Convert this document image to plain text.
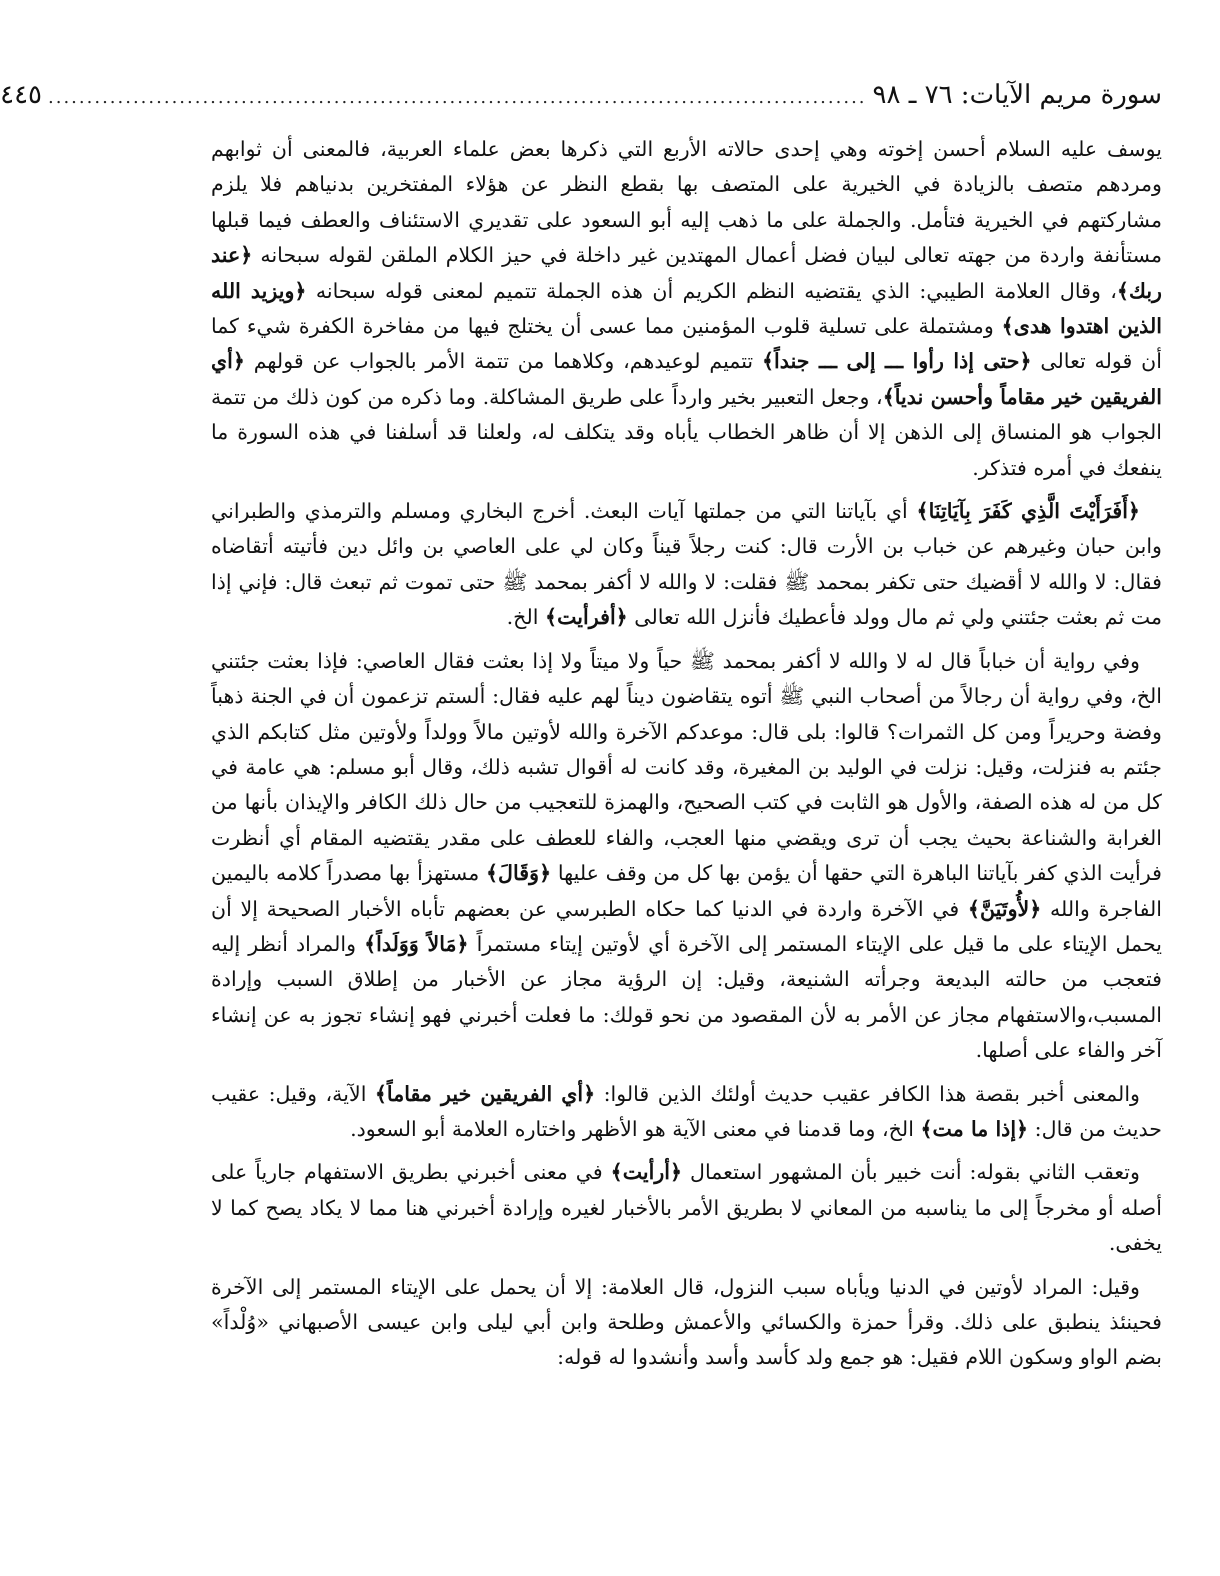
سورة مريم الآيات: ٧٦ ـ ٩٨
..........................................................................................................
٤٤٥

يوسف عليه السلام أحسن إخوته وهي إحدى حالاته الأربع التي ذكرها بعض علماء العربية، فالمعنى أن ثوابهم ومردهم متصف بالزيادة في الخيرية على المتصف بها بقطع النظر عن هؤلاء المفتخرين بدنياهم فلا يلزم مشاركتهم في الخيرية فتأمل. والجملة على ما ذهب إليه أبو السعود على تقديري الاستئناف والعطف فيما قبلها مستأنفة واردة من جهته تعالى لبيان فضل أعمال المهتدين غير داخلة في حيز الكلام الملقن لقوله سبحانه ﴿عند ربك﴾، وقال العلامة الطيبي: الذي يقتضيه النظم الكريم أن هذه الجملة تتميم لمعنى قوله سبحانه ﴿ويزيد الله الذين اهتدوا هدى﴾ ومشتملة على تسلية قلوب المؤمنين مما عسى أن يختلج فيها من مفاخرة الكفرة شيء كما أن قوله تعالى ﴿حتى إذا رأوا ـــ إلى ـــ جنداً﴾ تتميم لوعيدهم، وكلاهما من تتمة الأمر بالجواب عن قولهم ﴿أي الفريقين خير مقاماً وأحسن ندياً﴾، وجعل التعبير بخير وارداً على طريق المشاكلة. وما ذكره من كون ذلك من تتمة الجواب هو المنساق إلى الذهن إلا أن ظاهر الخطاب يأباه وقد يتكلف له، ولعلنا قد أسلفنا في هذه السورة ما ينفعك في أمره فتذكر.

﴿أَفَرَأَيْتَ الَّذِي كَفَرَ بِآيَاتِنَا﴾ أي بآياتنا التي من جملتها آيات البعث. أخرج البخاري ومسلم والترمذي والطبراني وابن حبان وغيرهم عن خباب بن الأرت قال: كنت رجلاً قيناً وكان لي على العاصي بن وائل دين فأتيته أتقاضاه فقال: لا والله لا أقضيك حتى تكفر بمحمد ﷺ فقلت: لا والله لا أكفر بمحمد ﷺ حتى تموت ثم تبعث قال: فإني إذا مت ثم بعثت جئتني ولي ثم مال وولد فأعطيك فأنزل الله تعالى ﴿أفرأيت﴾ الخ.

وفي رواية أن خباباً قال له لا والله لا أكفر بمحمد ﷺ حياً ولا ميتاً ولا إذا بعثت فقال العاصي: فإذا بعثت جئتني الخ، وفي رواية أن رجالاً من أصحاب النبي ﷺ أتوه يتقاضون ديناً لهم عليه فقال: ألستم تزعمون أن في الجنة ذهباً وفضة وحريراً ومن كل الثمرات؟ قالوا: بلى قال: موعدكم الآخرة والله لأوتين مالاً وولداً ولأوتين مثل كتابكم الذي جئتم به فنزلت، وقيل: نزلت في الوليد بن المغيرة، وقد كانت له أقوال تشبه ذلك، وقال أبو مسلم: هي عامة في كل من له هذه الصفة، والأول هو الثابت في كتب الصحيح، والهمزة للتعجيب من حال ذلك الكافر والإيذان بأنها من الغرابة والشناعة بحيث يجب أن ترى ويقضي منها العجب، والفاء للعطف على مقدر يقتضيه المقام أي أنظرت فرأيت الذي كفر بآياتنا الباهرة التي حقها أن يؤمن بها كل من وقف عليها ﴿وَقَالَ﴾ مستهزأ بها مصدراً كلامه باليمين الفاجرة والله ﴿لأُوتَيَنَّ﴾ في الآخرة واردة في الدنيا كما حكاه الطبرسي عن بعضهم تأباه الأخبار الصحيحة إلا أن يحمل الإيتاء على ما قيل على الإيتاء المستمر إلى الآخرة أي لأوتين إيتاء مستمراً ﴿مَالاً وَوَلَداً﴾ والمراد أنظر إليه فتعجب من حالته البديعة وجرأته الشنيعة، وقيل: إن الرؤية مجاز عن الأخبار من إطلاق السبب وإرادة المسبب،والاستفهام مجاز عن الأمر به لأن المقصود من نحو قولك: ما فعلت أخبرني فهو إنشاء تجوز به عن إنشاء آخر والفاء على أصلها.

والمعنى أخبر بقصة هذا الكافر عقيب حديث أولئك الذين قالوا: ﴿أي الفريقين خير مقاماً﴾ الآية، وقيل: عقيب حديث من قال: ﴿إذا ما مت﴾ الخ، وما قدمنا في معنى الآية هو الأظهر واختاره العلامة أبو السعود.

وتعقب الثاني بقوله: أنت خبير بأن المشهور استعمال ﴿أرأيت﴾ في معنى أخبرني بطريق الاستفهام جارياً على أصله أو مخرجاً إلى ما يناسبه من المعاني لا بطريق الأمر بالأخبار لغيره وإرادة أخبرني هنا مما لا يكاد يصح كما لا يخفى.

وقيل: المراد لأوتين في الدنيا ويأباه سبب النزول، قال العلامة: إلا أن يحمل على الإيتاء المستمر إلى الآخرة فحينئذ ينطبق على ذلك. وقرأ حمزة والكسائي والأعمش وطلحة وابن أبي ليلى وابن عيسى الأصبهاني «وُلْداً» بضم الواو وسكون اللام فقيل: هو جمع ولد كأسد وأسد وأنشدوا له قوله:
